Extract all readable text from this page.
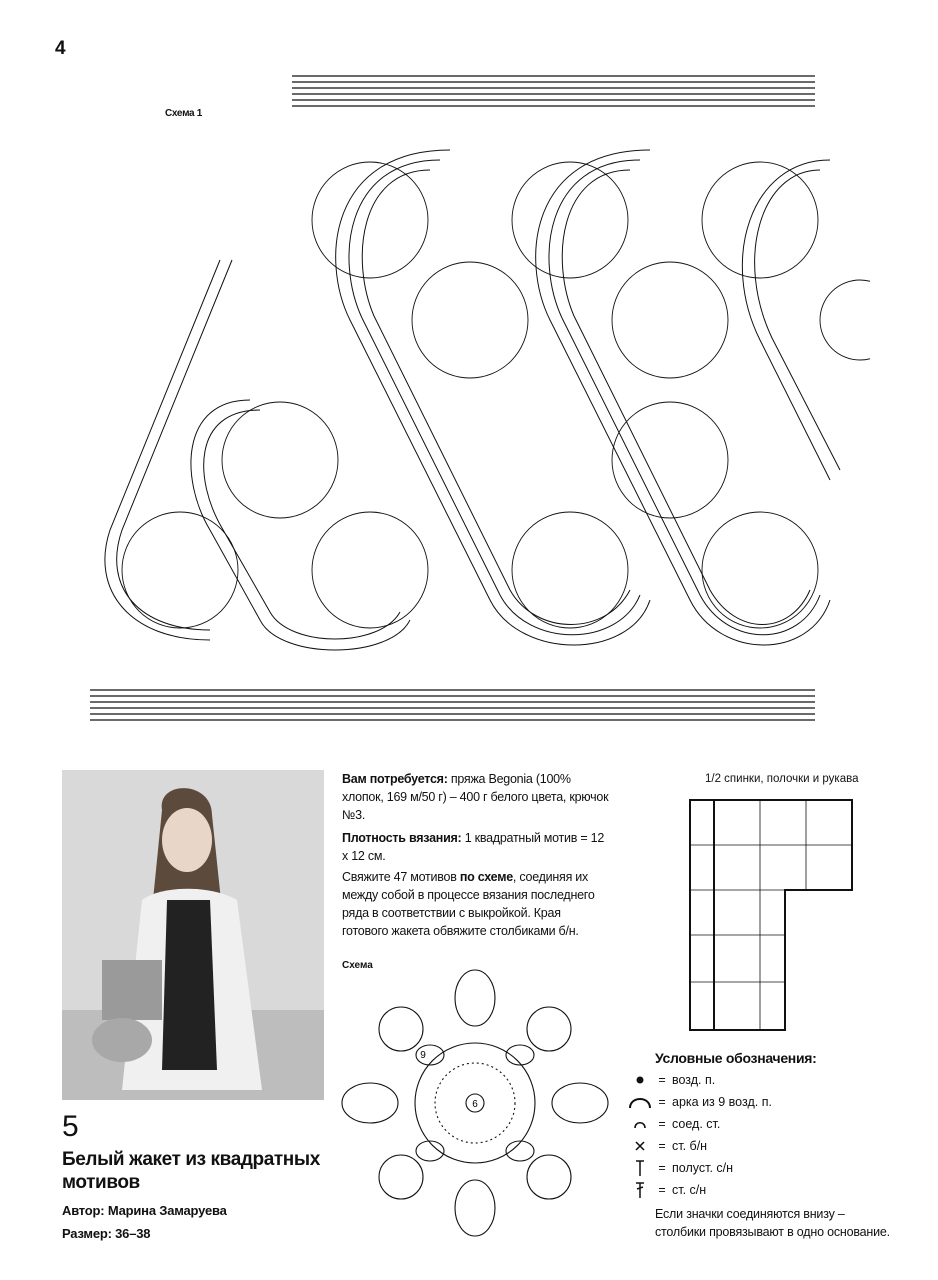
4
Схема 1
5
Белый жакет из квадратных мотивов
Автор: Марина Замаруева
Размер: 36–38
Вам потребуется: пряжа Begonia (100% хлопок, 169 м/50 г) – 400 г белого цвета, крючок №3.
Плотность вязания: 1 квадратный мотив = 12 х 12 см.
Свяжите 47 мотивов по схеме, соединяя их между собой в процессе вязания последнего ряда в соответствии с выкройкой. Края готового жакета обвяжите столбиками б/н.
Схема
6
9
1/2 спинки, полочки и рукава
Условные обозначения:
= возд. п.
= арка из 9 возд. п.
= соед. ст.
= ст. б/н
= полуст. с/н
= ст. с/н
Если значки соединяются внизу – столбики провязывают в одно основание.
